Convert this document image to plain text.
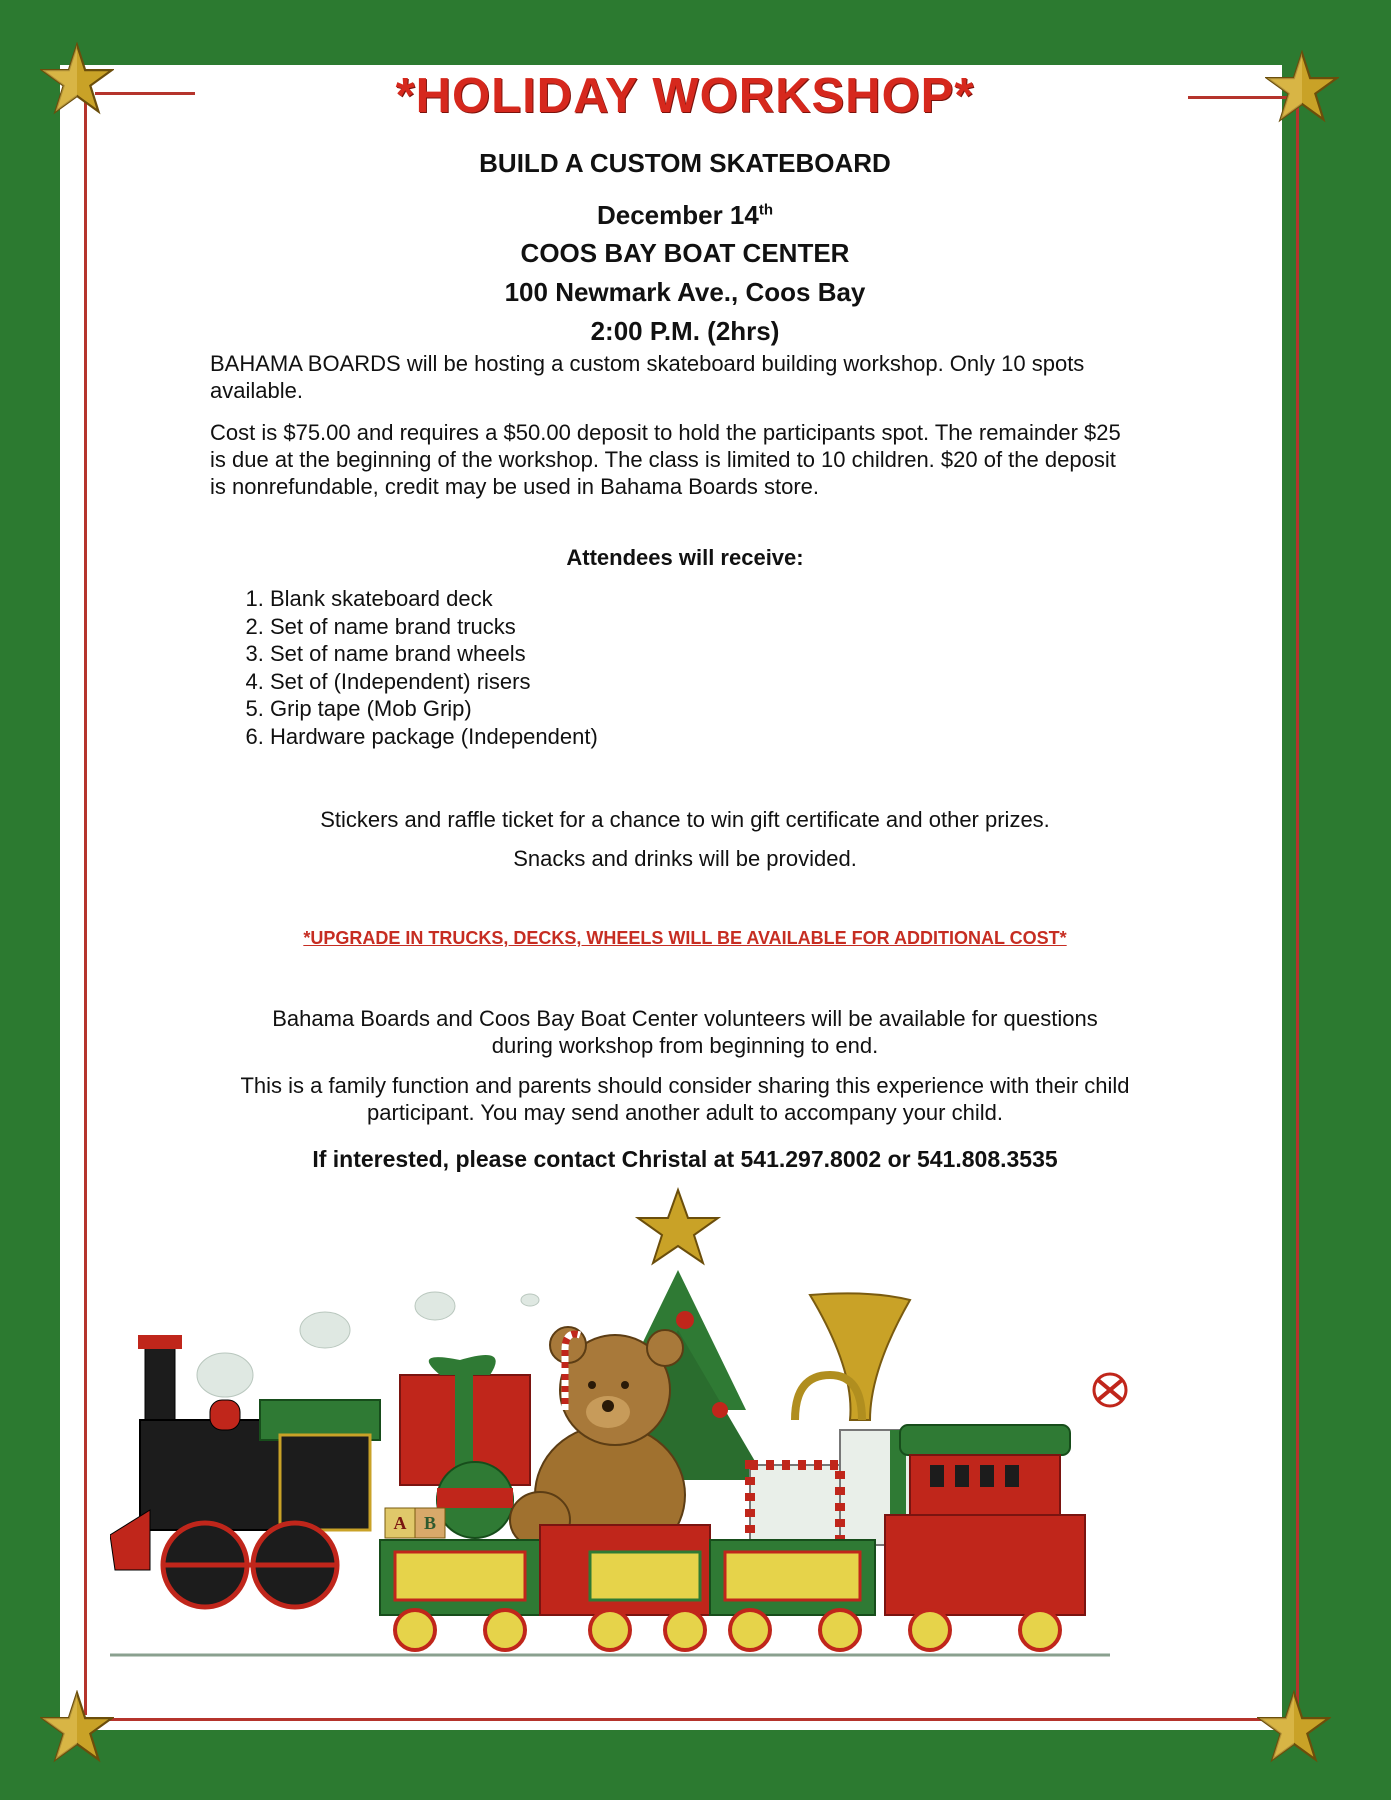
*HOLIDAY WORKSHOP*
BUILD A CUSTOM SKATEBOARD
December 14th
COOS BAY BOAT CENTER
100 Newmark Ave., Coos Bay
2:00 P.M. (2hrs)
BAHAMA BOARDS will be hosting a custom skateboard building workshop. Only 10 spots available.
Cost is $75.00 and requires a $50.00 deposit to hold the participants spot. The remainder $25 is due at the beginning of the workshop. The class is limited to 10 children. $20 of the deposit is nonrefundable, credit may be used in Bahama Boards store.
Attendees will receive:
1. Blank skateboard deck
2. Set of name brand trucks
3. Set of name brand wheels
4. Set of (Independent) risers
5. Grip tape (Mob Grip)
6. Hardware package (Independent)
Stickers and raffle ticket for a chance to win gift certificate and other prizes.
Snacks and drinks will be provided.
*UPGRADE IN TRUCKS, DECKS, WHEELS WILL BE AVAILABLE FOR ADDITIONAL COST*
Bahama Boards and Coos Bay Boat Center volunteers will be available for questions during workshop from beginning to end.
This is a family function and parents should consider sharing this experience with their child participant. You may send another adult to accompany your child.
If interested, please contact Christal at 541.297.8002 or 541.808.3535
A B
